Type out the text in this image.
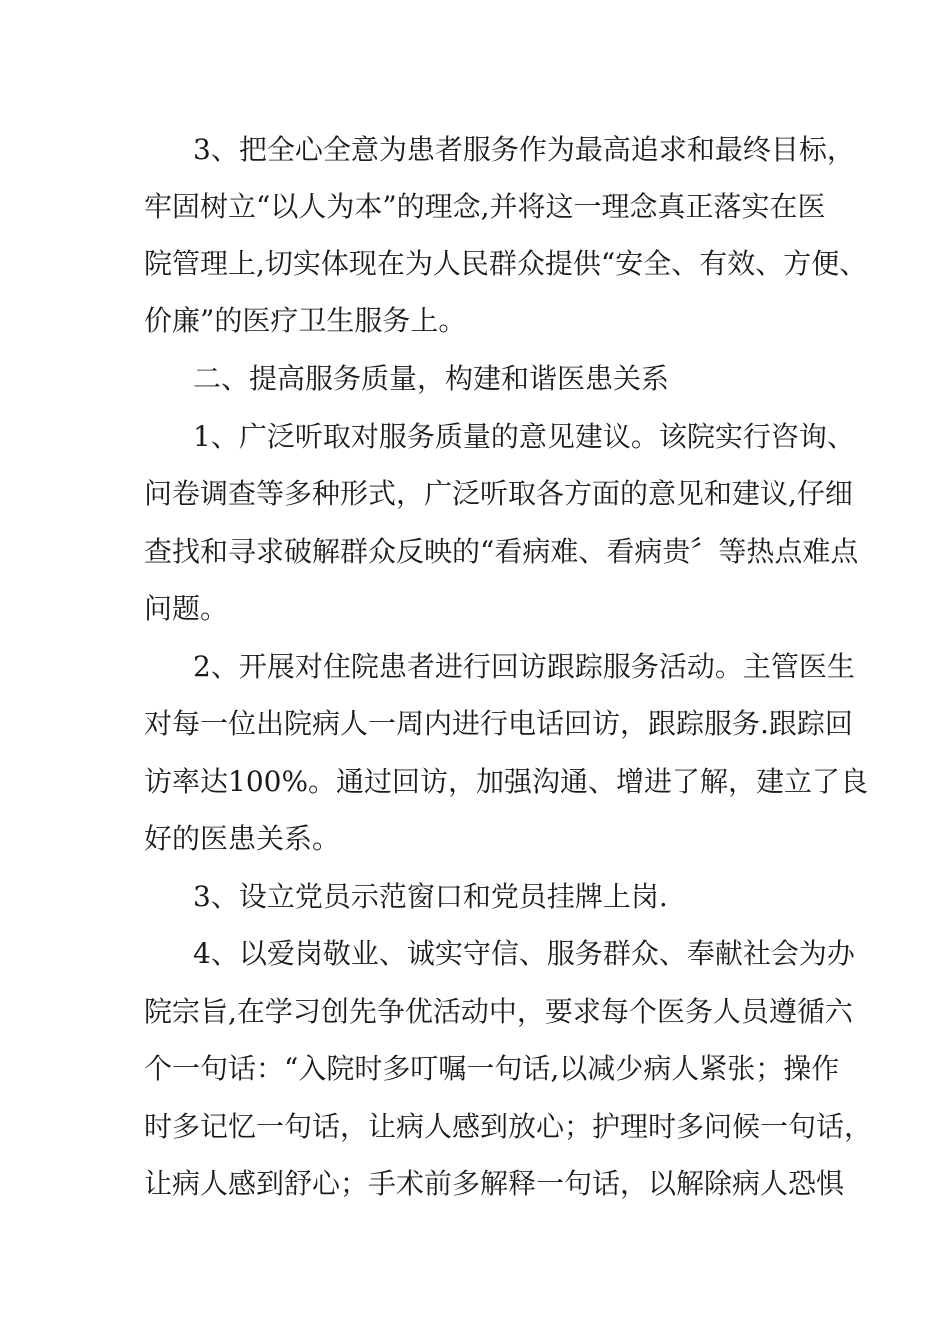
3、把全心全意为患者服务作为最高追求和最终目标，

牢固树立“以人为本”的理念,并将这一理念真正落实在医

院管理上,切实体现在为人民群众提供“安全、有效、方便、

价廉”的医疗卫生服务上。

二、提高服务质量，构建和谐医患关系

1、广泛听取对服务质量的意见建议。该院实行咨询、

问卷调查等多种形式，广泛听取各方面的意见和建议,仔细

查找和寻求破解群众反映的“看病难、看病贵〞等热点难点

问题。

2、开展对住院患者进行回访跟踪服务活动。主管医生

对每一位出院病人一周内进行电话回访，跟踪服务.跟踪回

访率达100%。通过回访，加强沟通、增进了解，建立了良

好的医患关系。

3、设立党员示范窗口和党员挂牌上岗.

4、以爱岗敬业、诚实守信、服务群众、奉献社会为办

院宗旨,在学习创先争优活动中，要求每个医务人员遵循六

个一句话：“入院时多叮嘱一句话,以减少病人紧张；操作

时多记忆一句话，让病人感到放心；护理时多问候一句话，

让病人感到舒心；手术前多解释一句话，以解除病人恐惧
